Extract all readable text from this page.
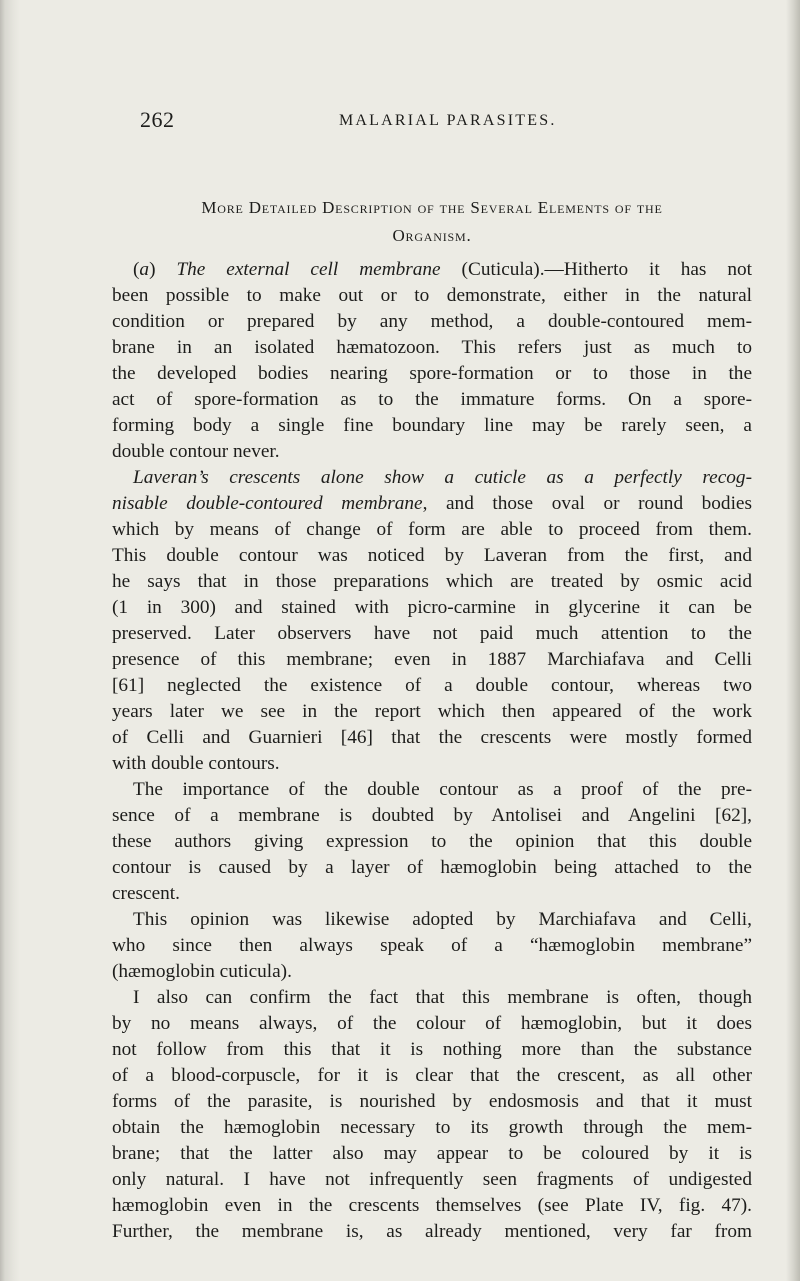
262	MALARIAL PARASITES.
More Detailed Description of the Several Elements of the
Organism.
(a) The external cell membrane (Cuticula).—Hitherto it has not
been possible to make out or to demonstrate, either in the natural
condition or prepared by any method, a double-contoured mem-
brane in an isolated hæmatozoon. This refers just as much to
the developed bodies nearing spore-formation or to those in the
act of spore-formation as to the immature forms. On a spore-
forming body a single fine boundary line may be rarely seen, a
double contour never.
Laveran’s crescents alone show a cuticle as a perfectly recog-
nisable double-contoured membrane, and those oval or round bodies
which by means of change of form are able to proceed from them.
This double contour was noticed by Laveran from the first, and
he says that in those preparations which are treated by osmic acid
(1 in 300) and stained with picro-carmine in glycerine it can be
preserved. Later observers have not paid much attention to the
presence of this membrane; even in 1887 Marchiafava and Celli
[61] neglected the existence of a double contour, whereas two
years later we see in the report which then appeared of the work
of Celli and Guarnieri [46] that the crescents were mostly formed
with double contours.
The importance of the double contour as a proof of the pre-
sence of a membrane is doubted by Antolisei and Angelini [62],
these authors giving expression to the opinion that this double
contour is caused by a layer of hæmoglobin being attached to the
crescent.
This opinion was likewise adopted by Marchiafava and Celli,
who since then always speak of a “hæmoglobin membrane”
(hæmoglobin cuticula).
I also can confirm the fact that this membrane is often, though
by no means always, of the colour of hæmoglobin, but it does
not follow from this that it is nothing more than the substance
of a blood-corpuscle, for it is clear that the crescent, as all other
forms of the parasite, is nourished by endosmosis and that it must
obtain the hæmoglobin necessary to its growth through the mem-
brane; that the latter also may appear to be coloured by it is
only natural. I have not infrequently seen fragments of undigested
hæmoglobin even in the crescents themselves (see Plate IV, fig. 47).
Further, the membrane is, as already mentioned, very far from
